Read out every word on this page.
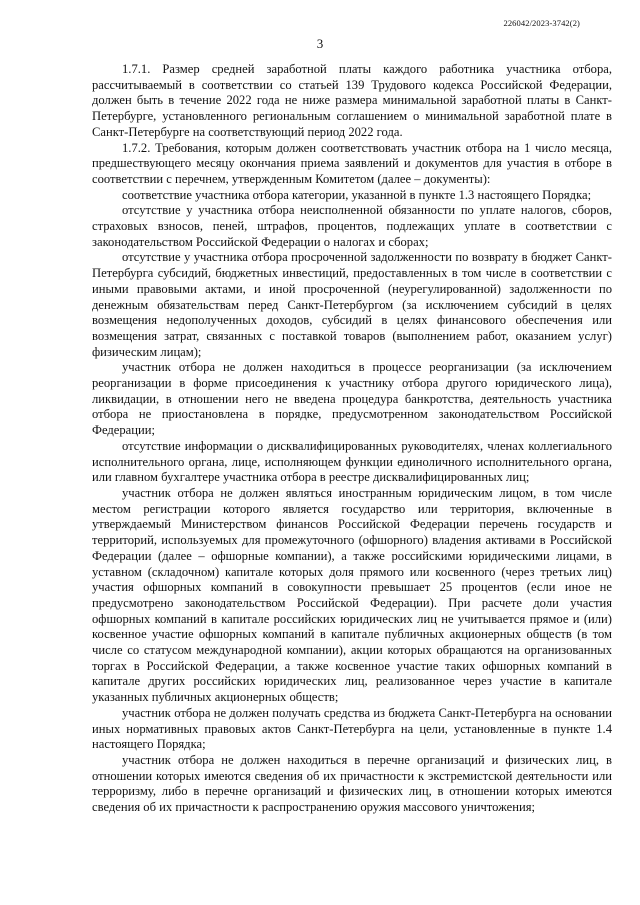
226042/2023-3742(2)
3

1.7.1. Размер средней заработной платы каждого работника участника отбора, рассчитываемый в соответствии со статьей 139 Трудового кодекса Российской Федерации, должен быть в течение 2022 года не ниже размера минимальной заработной платы в Санкт-Петербурге, установленного региональным соглашением о минимальной заработной плате в Санкт-Петербурге на соответствующий период 2022 года.

1.7.2. Требования, которым должен соответствовать участник отбора на 1 число месяца, предшествующего месяцу окончания приема заявлений и документов для участия в отборе в соответствии с перечнем, утвержденным Комитетом (далее – документы):

соответствие участника отбора категории, указанной в пункте 1.3 настоящего Порядка;

отсутствие у участника отбора неисполненной обязанности по уплате налогов, сборов, страховых взносов, пеней, штрафов, процентов, подлежащих уплате в соответствии с законодательством Российской Федерации о налогах и сборах;

отсутствие у участника отбора просроченной задолженности по возврату в бюджет Санкт-Петербурга субсидий, бюджетных инвестиций, предоставленных в том числе в соответствии с иными правовыми актами, и иной просроченной (неурегулированной) задолженности по денежным обязательствам перед Санкт-Петербургом (за исключением субсидий в целях возмещения недополученных доходов, субсидий в целях финансового обеспечения или возмещения затрат, связанных с поставкой товаров (выполнением работ, оказанием услуг) физическим лицам);

участник отбора не должен находиться в процессе реорганизации (за исключением реорганизации в форме присоединения к участнику отбора другого юридического лица), ликвидации, в отношении него не введена процедура банкротства, деятельность участника отбора не приостановлена в порядке, предусмотренном законодательством Российской Федерации;

отсутствие информации о дисквалифицированных руководителях, членах коллегиального исполнительного органа, лице, исполняющем функции единоличного исполнительного органа, или главном бухгалтере участника отбора в реестре дисквалифицированных лиц;

участник отбора не должен являться иностранным юридическим лицом, в том числе местом регистрации которого является государство или территория, включенные в утверждаемый Министерством финансов Российской Федерации перечень государств и территорий, используемых для промежуточного (офшорного) владения активами в Российской Федерации (далее – офшорные компании), а также российскими юридическими лицами, в уставном (складочном) капитале которых доля прямого или косвенного (через третьих лиц) участия офшорных компаний в совокупности превышает 25 процентов (если иное не предусмотрено законодательством Российской Федерации). При расчете доли участия офшорных компаний в капитале российских юридических лиц не учитывается прямое и (или) косвенное участие офшорных компаний в капитале публичных акционерных обществ (в том числе со статусом международной компании), акции которых обращаются на организованных торгах в Российской Федерации, а также косвенное участие таких офшорных компаний в капитале других российских юридических лиц, реализованное через участие в капитале указанных публичных акционерных обществ;

участник отбора не должен получать средства из бюджета Санкт-Петербурга на основании иных нормативных правовых актов Санкт-Петербурга на цели, установленные в пункте 1.4 настоящего Порядка;

участник отбора не должен находиться в перечне организаций и физических лиц, в отношении которых имеются сведения об их причастности к экстремистской деятельности или терроризму, либо в перечне организаций и физических лиц, в отношении которых имеются сведения об их причастности к распространению оружия массового уничтожения;
